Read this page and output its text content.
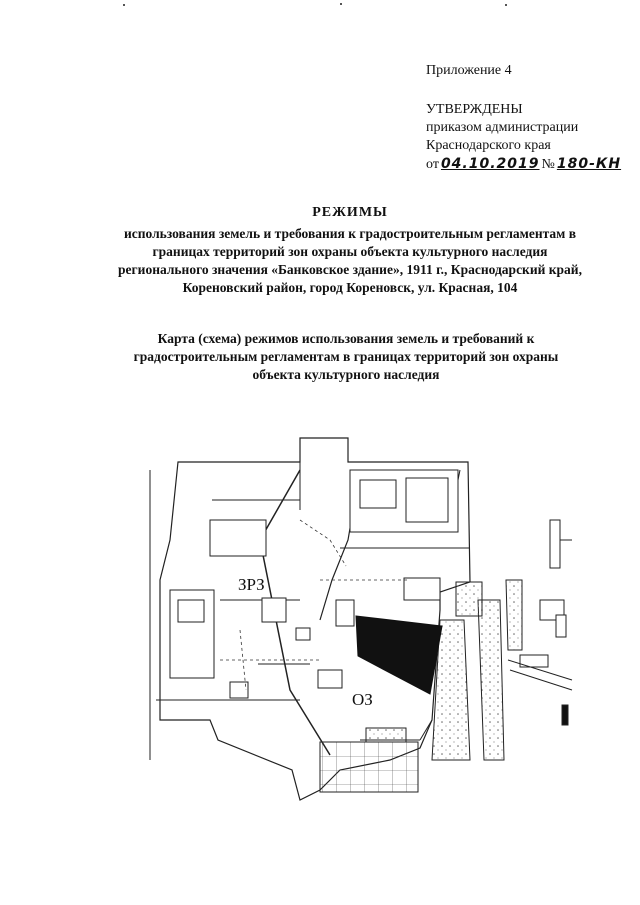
Приложение 4
УТВЕРЖДЕНЫ
приказом администрации
Краснодарского края
от 04.10.2019 № 180-КН
РЕЖИМЫ
использования земель и требования к градостроительным регламентам в
границах территорий зон охраны объекта культурного наследия
регионального значения «Банковское здание», 1911 г., Краснодарский край,
Кореновский район, город Кореновск, ул. Красная, 104
Карта (схема) режимов использования земель и требований к
градостроительным регламентам в границах территорий зон охраны
объекта культурного наследия
ЗРЗ
ОЗ
